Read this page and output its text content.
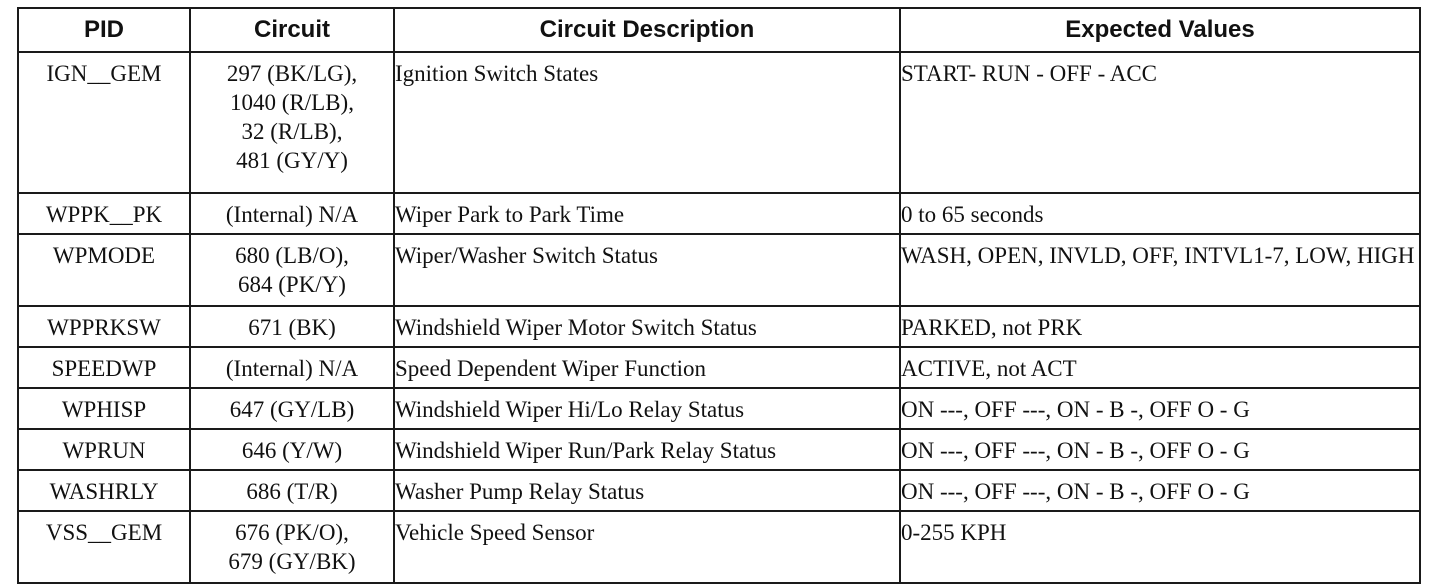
PID	Circuit	Circuit Description	Expected Values
IGN__GEM	297 (BK/LG),
1040 (R/LB),
32 (R/LB),
481 (GY/Y)	Ignition Switch States	START- RUN - OFF - ACC
WPPK__PK	(Internal) N/A	Wiper Park to Park Time	0 to 65 seconds
WPMODE	680 (LB/O),
684 (PK/Y)	Wiper/Washer Switch Status	WASH, OPEN, INVLD, OFF, INTVL1-7, LOW, HIGH
WPPRKSW	671 (BK)	Windshield Wiper Motor Switch Status	PARKED, not PRK
SPEEDWP	(Internal) N/A	Speed Dependent Wiper Function	ACTIVE, not ACT
WPHISP	647 (GY/LB)	Windshield Wiper Hi/Lo Relay Status	ON ---, OFF ---, ON - B -, OFF O - G
WPRUN	646 (Y/W)	Windshield Wiper Run/Park Relay Status	ON ---, OFF ---, ON - B -, OFF O - G
WASHRLY	686 (T/R)	Washer Pump Relay Status	ON ---, OFF ---, ON - B -, OFF O - G
VSS__GEM	676 (PK/O),
679 (GY/BK)	Vehicle Speed Sensor	0-255 KPH
